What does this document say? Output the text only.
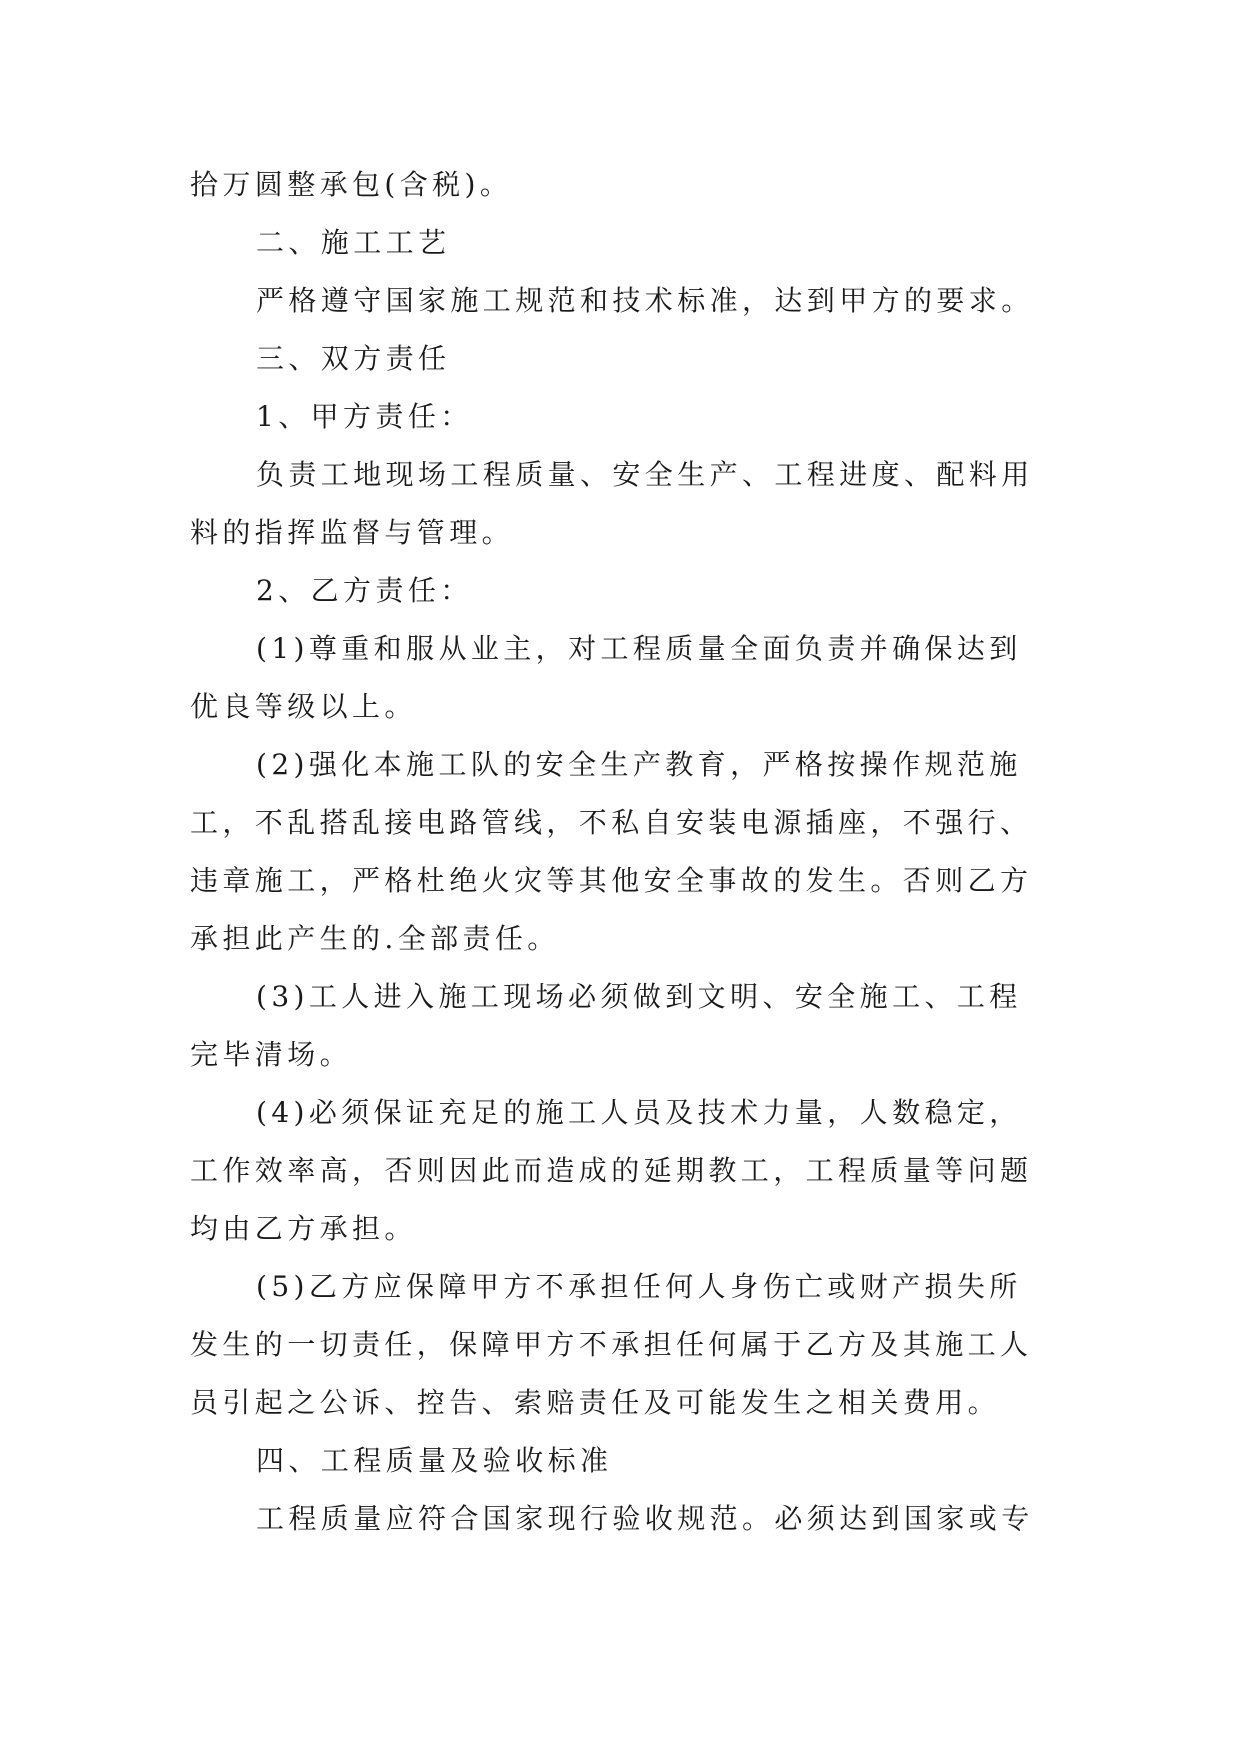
拾万圆整承包(含税)。
二、施工工艺
严格遵守国家施工规范和技术标准，达到甲方的要求。
三、双方责任
1、甲方责任：
负责工地现场工程质量、安全生产、工程进度、配料用
料的指挥监督与管理。
2、乙方责任：
(1)尊重和服从业主，对工程质量全面负责并确保达到
优良等级以上。
(2)强化本施工队的安全生产教育，严格按操作规范施
工，不乱搭乱接电路管线，不私自安装电源插座，不强行、
违章施工，严格杜绝火灾等其他安全事故的发生。否则乙方
承担此产生的.全部责任。
(3)工人进入施工现场必须做到文明、安全施工、工程
完毕清场。
(4)必须保证充足的施工人员及技术力量，人数稳定，
工作效率高，否则因此而造成的延期教工，工程质量等问题
均由乙方承担。
(5)乙方应保障甲方不承担任何人身伤亡或财产损失所
发生的一切责任，保障甲方不承担任何属于乙方及其施工人
员引起之公诉、控告、索赔责任及可能发生之相关费用。
四、工程质量及验收标准
工程质量应符合国家现行验收规范。必须达到国家或专
